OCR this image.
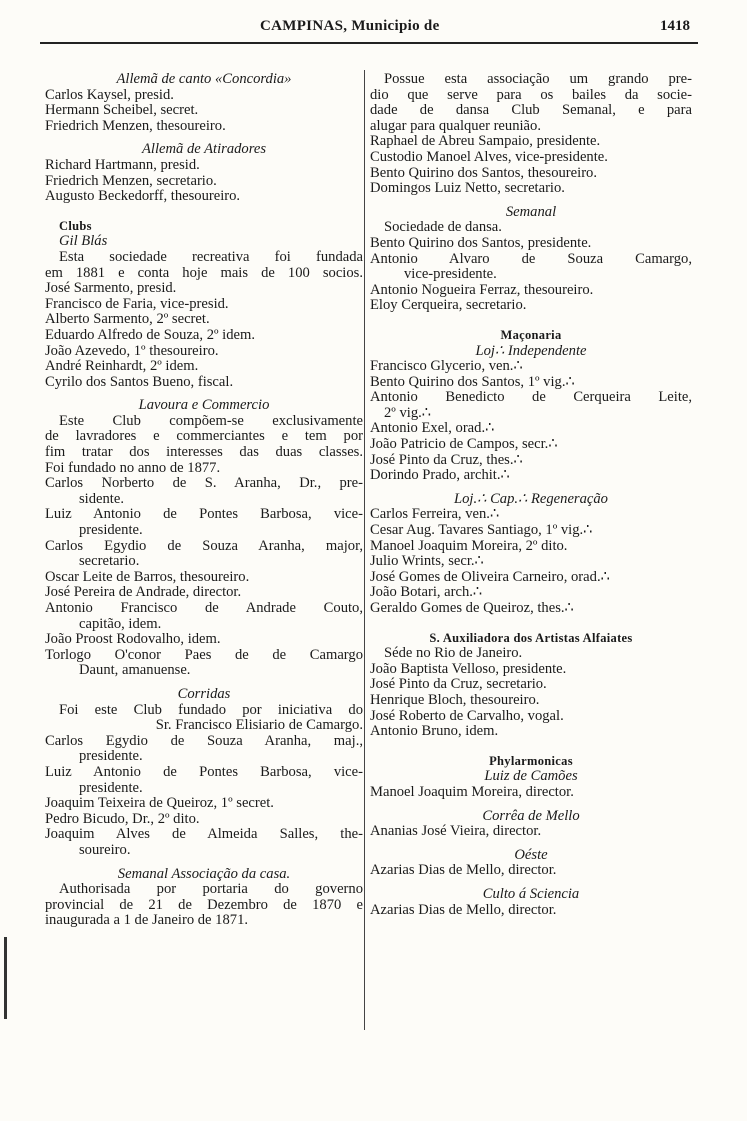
CAMPINAS, Municipio de	1418
Allemã de canto «Concordia»
Carlos Kaysel, presid.
Hermann Scheibel, secret.
Friedrich Menzen, thesoureiro.
Allemã de Atiradores
Richard Hartmann, presid.
Friedrich Menzen, secretario.
Augusto Beckedorff, thesoureiro.
Clubs
Gil Blás
Esta sociedade recreativa foi fundada
em 1881 e conta hoje mais de 100 socios.
José Sarmento, presid.
Francisco de Faria, vice-presid.
Alberto Sarmento, 2º secret.
Eduardo Alfredo de Souza, 2º idem.
João Azevedo, 1º thesoureiro.
André Reinhardt, 2º idem.
Cyrilo dos Santos Bueno, fiscal.
Lavoura e Commercio
Este Club compõem-se exclusivamente
de lavradores e commerciantes e tem por
fim tratar dos interesses das duas classes.
Foi fundado no anno de 1877.
Carlos Norberto de S. Aranha, Dr., pre-
sidente.
Luiz Antonio de Pontes Barbosa, vice-
presidente.
Carlos Egydio de Souza Aranha, major,
secretario.
Oscar Leite de Barros, thesoureiro.
José Pereira de Andrade, director.
Antonio Francisco de Andrade Couto,
capitão, idem.
João Proost Rodovalho, idem.
Torlogo O'conor Paes de de Camargo
Daunt, amanuense.
Corridas
Foi este Club fundado por iniciativa do
Sr. Francisco Elisiario de Camargo.
Carlos Egydio de Souza Aranha, maj.,
presidente.
Luiz Antonio de Pontes Barbosa, vice-
presidente.
Joaquim Teixeira de Queiroz, 1º secret.
Pedro Bicudo, Dr., 2º dito.
Joaquim Alves de Almeida Salles, the-
soureiro.
Semanal Associação da casa.
Authorisada por portaria do governo
provincial de 21 de Dezembro de 1870 e
inaugurada a 1 de Janeiro de 1871.
Possue esta associação um grando pre-
dio que serve para os bailes da socie-
dade de dansa Club Semanal, e para
alugar para qualquer reunião.
Raphael de Abreu Sampaio, presidente.
Custodio Manoel Alves, vice-presidente.
Bento Quirino dos Santos, thesoureiro.
Domingos Luiz Netto, secretario.
Semanal
Sociedade de dansa.
Bento Quirino dos Santos, presidente.
Antonio Alvaro de Souza Camargo,
vice-presidente.
Antonio Nogueira Ferraz, thesoureiro.
Eloy Cerqueira, secretario.
Maçonaria
Loj∴ Independente
Francisco Glycerio, ven.∴
Bento Quirino dos Santos, 1º vig.∴
Antonio Benedicto de Cerqueira Leite,
2º vig.∴
Antonio Exel, orad.∴
João Patricio de Campos, secr.∴
José Pinto da Cruz, thes.∴
Dorindo Prado, archit.∴
Loj.∴ Cap.∴ Regeneração
Carlos Ferreira, ven.∴
Cesar Aug. Tavares Santiago, 1º vig.∴
Manoel Joaquim Moreira, 2º dito.
Julio Wrints, secr.∴
José Gomes de Oliveira Carneiro, orad.∴
João Botari, arch.∴
Geraldo Gomes de Queiroz, thes.∴
S. Auxiliadora dos Artistas Alfaiates
Séde no Rio de Janeiro.
João Baptista Velloso, presidente.
José Pinto da Cruz, secretario.
Henrique Bloch, thesoureiro.
José Roberto de Carvalho, vogal.
Antonio Bruno, idem.
Phylarmonicas
Luiz de Camões
Manoel Joaquim Moreira, director.
Corrêa de Mello
Ananias José Vieira, director.
Oéste
Azarias Dias de Mello, director.
Culto á Sciencia
Azarias Dias de Mello, director.
